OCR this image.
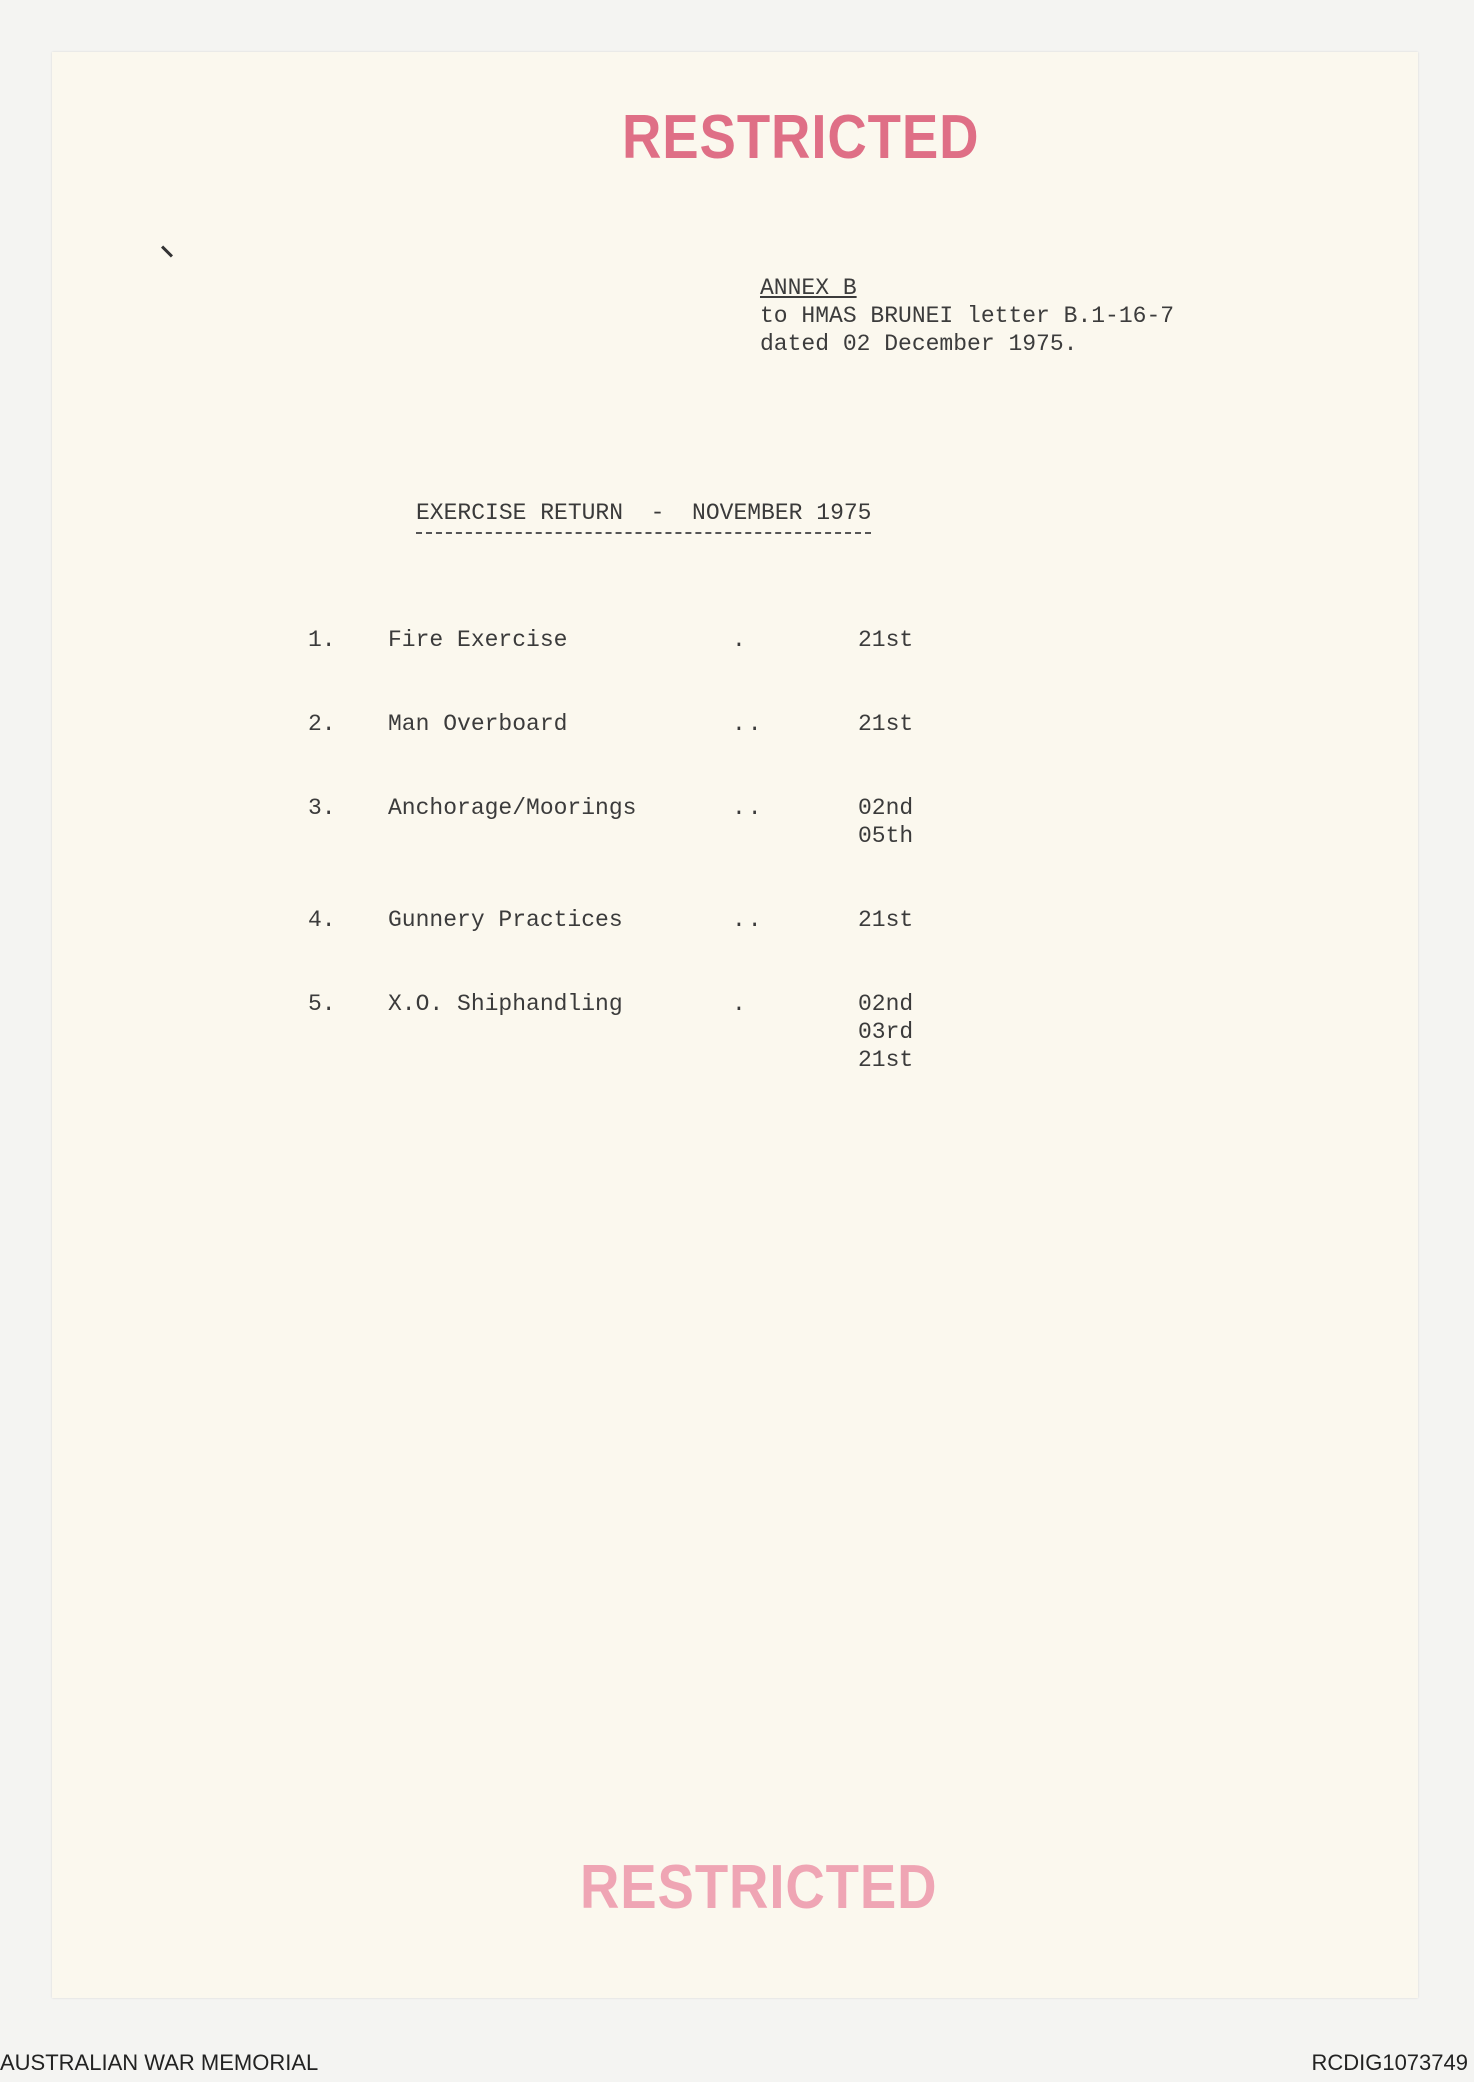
RESTRICTED
ANNEX B
to HMAS BRUNEI letter B.1-16-7
dated 02 December 1975.
EXERCISE RETURN  -  NOVEMBER 1975
1. Fire Exercise	.	21st
2. Man Overboard	..	21st
3. Anchorage/Moorings	..	02nd
05th
4. Gunnery Practices	..	21st
5. X.O. Shiphandling	.	02nd
03rd
21st
RESTRICTED
AUSTRALIAN WAR MEMORIAL	RCDIG1073749
